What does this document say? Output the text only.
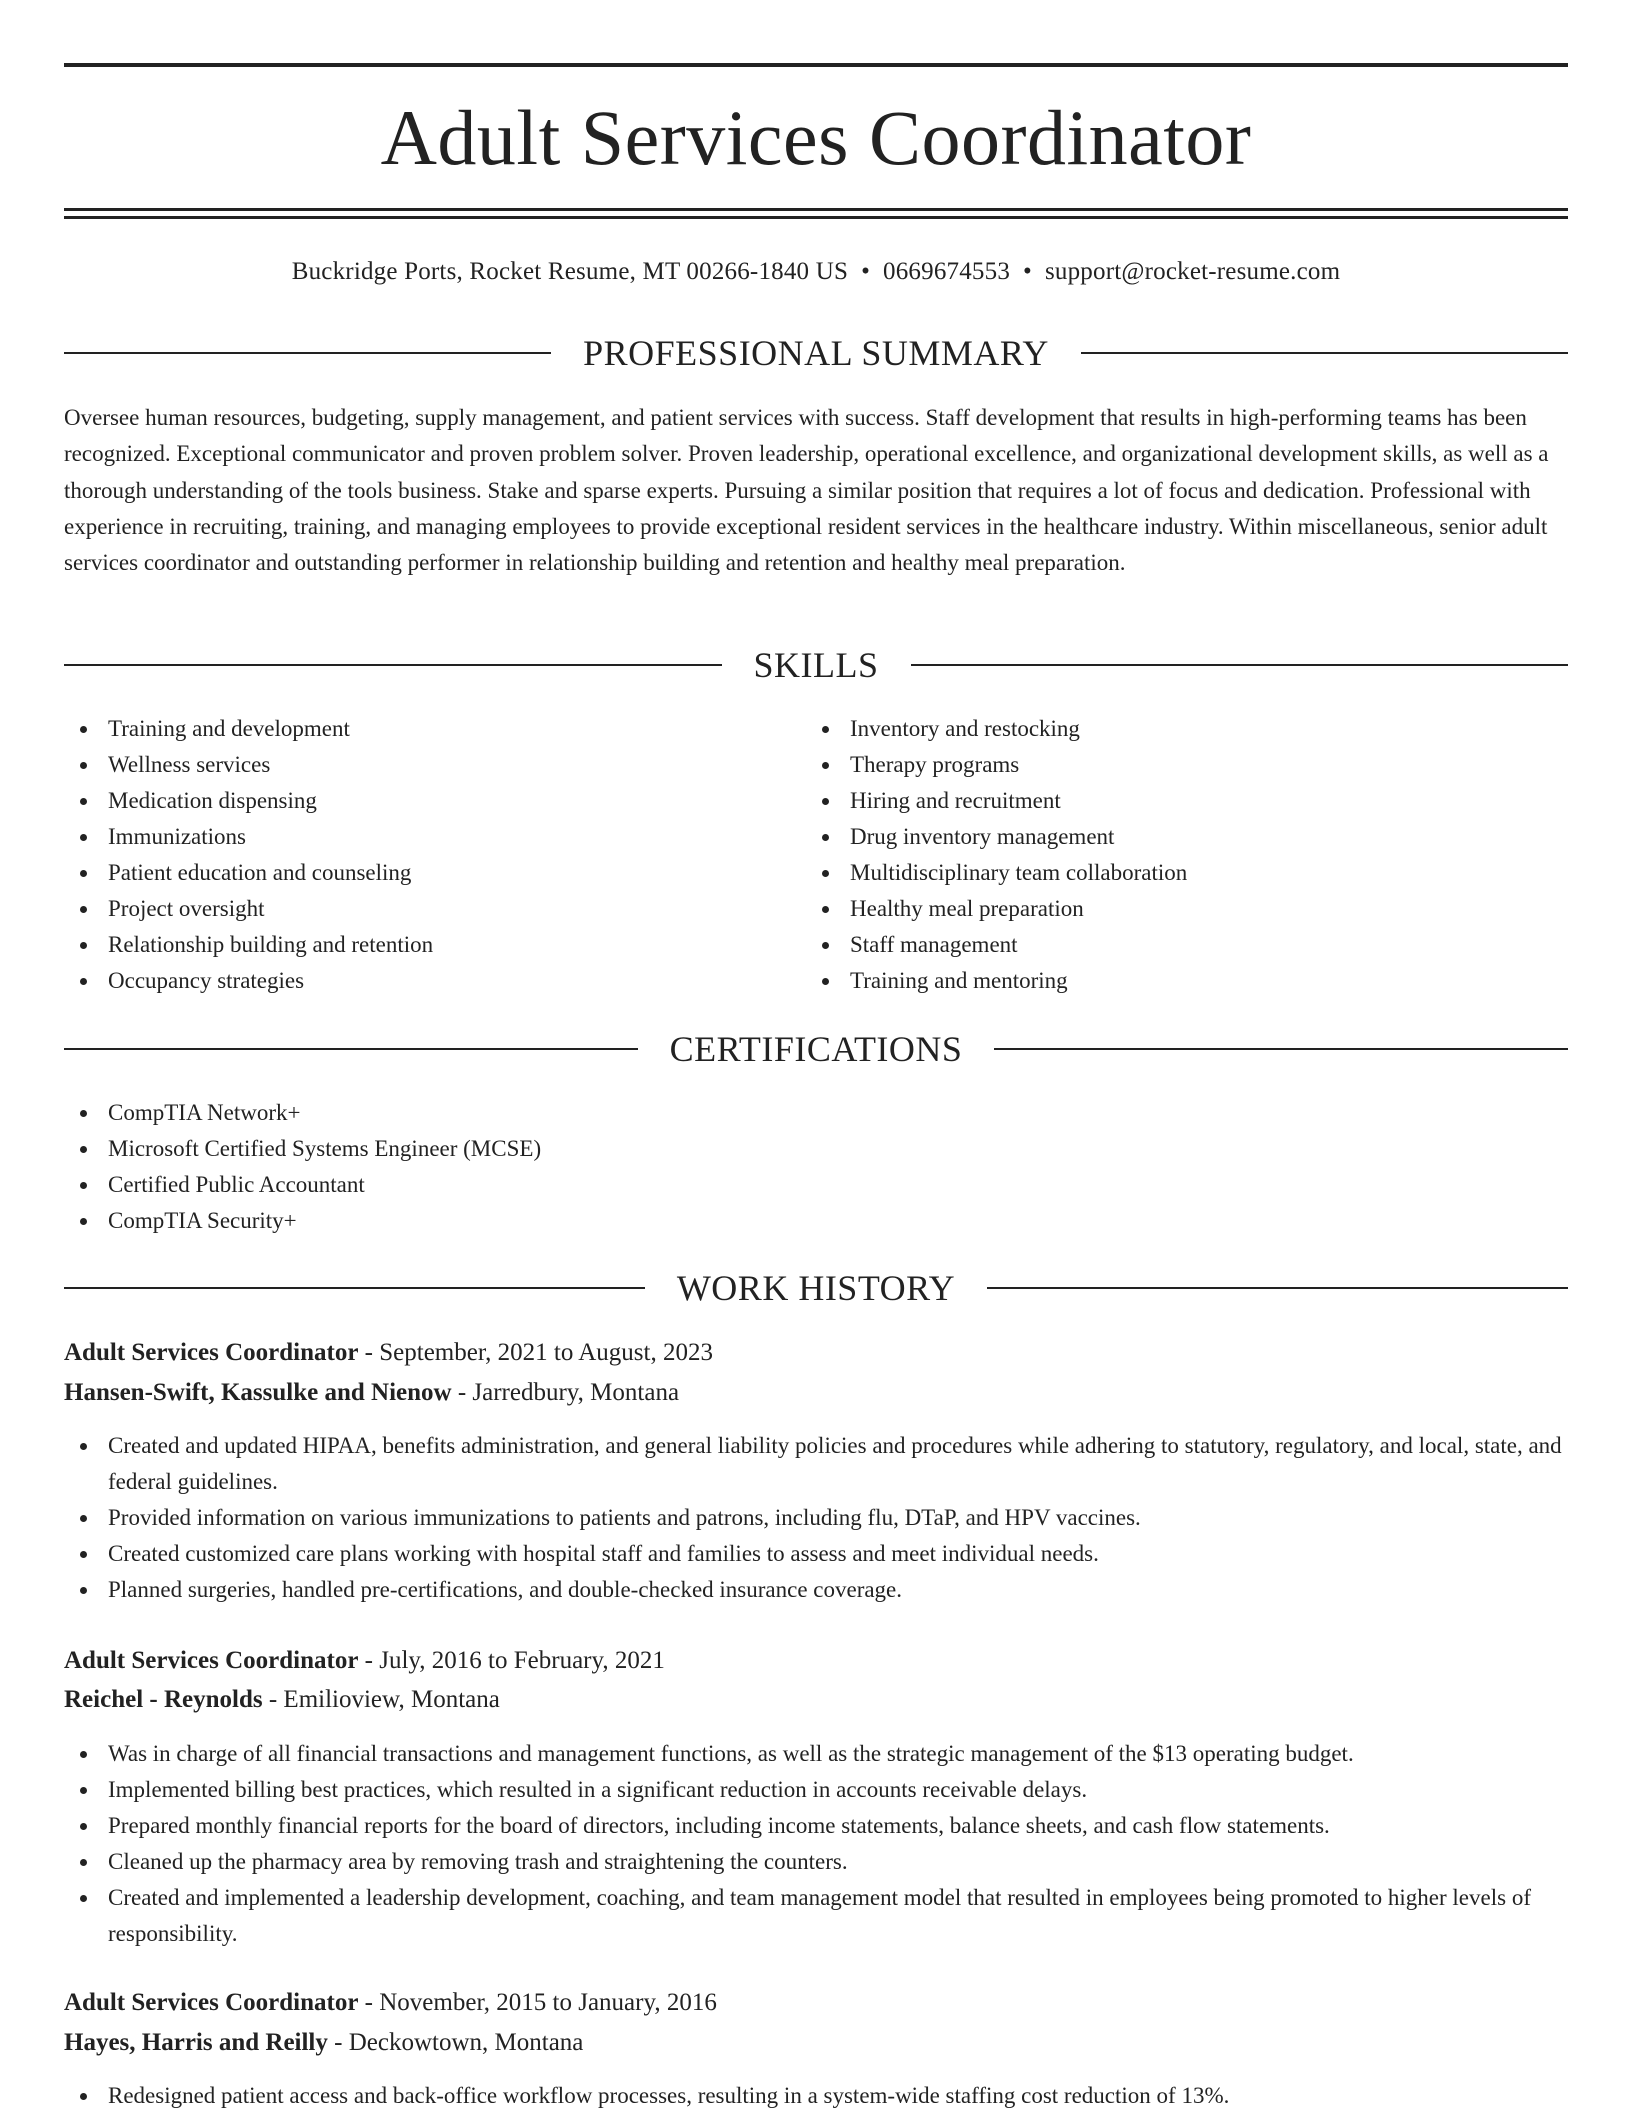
Adult Services Coordinator
Buckridge Ports, Rocket Resume, MT 00266-1840 US • 0669674553 • support@rocket-resume.com
PROFESSIONAL SUMMARY

Oversee human resources, budgeting, supply management, and patient services with success. Staff development that results in high-performing teams has been recognized. Exceptional communicator and proven problem solver. Proven leadership, operational excellence, and organizational development skills, as well as a thorough understanding of the tools business. Stake and sparse experts. Pursuing a similar position that requires a lot of focus and dedication. Professional with experience in recruiting, training, and managing employees to provide exceptional resident services in the healthcare industry. Within miscellaneous, senior adult services coordinator and outstanding performer in relationship building and retention and healthy meal preparation.

SKILLS
Training and development
Wellness services
Medication dispensing
Immunizations
Patient education and counseling
Project oversight
Relationship building and retention
Occupancy strategies
Inventory and restocking
Therapy programs
Hiring and recruitment
Drug inventory management
Multidisciplinary team collaboration
Healthy meal preparation
Staff management
Training and mentoring
CERTIFICATIONS
CompTIA Network+
Microsoft Certified Systems Engineer (MCSE)
Certified Public Accountant
CompTIA Security+
WORK HISTORY
Adult Services Coordinator - September, 2021 to August, 2023
Hansen-Swift, Kassulke and Nienow - Jarredbury, Montana
Created and updated HIPAA, benefits administration, and general liability policies and procedures while adhering to statutory, regulatory, and local, state, and federal guidelines.
Provided information on various immunizations to patients and patrons, including flu, DTaP, and HPV vaccines.
Created customized care plans working with hospital staff and families to assess and meet individual needs.
Planned surgeries, handled pre-certifications, and double-checked insurance coverage.
Adult Services Coordinator - July, 2016 to February, 2021
Reichel - Reynolds - Emilioview, Montana
Was in charge of all financial transactions and management functions, as well as the strategic management of the $13 operating budget.
Implemented billing best practices, which resulted in a significant reduction in accounts receivable delays.
Prepared monthly financial reports for the board of directors, including income statements, balance sheets, and cash flow statements.
Cleaned up the pharmacy area by removing trash and straightening the counters.
Created and implemented a leadership development, coaching, and team management model that resulted in employees being promoted to higher levels of responsibility.
Adult Services Coordinator - November, 2015 to January, 2016
Hayes, Harris and Reilly - Deckowtown, Montana
Redesigned patient access and back-office workflow processes, resulting in a system-wide staffing cost reduction of 13%.
